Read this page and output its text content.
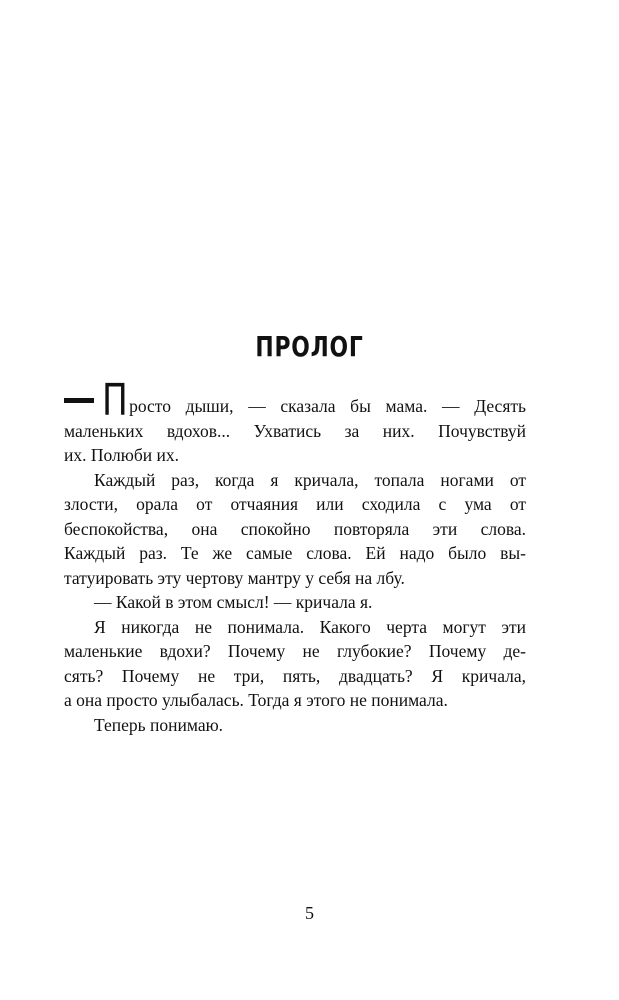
ПРОЛОГ
Просто дыши, — сказала бы мама. — Десять
маленьких вдохов... Ухватись за них. Почувствуй
их. Полюби их.
Каждый раз, когда я кричала, топала ногами от
злости, орала от отчаяния или сходила с ума от
беспокойства, она спокойно повторяла эти слова.
Каждый раз. Те же самые слова. Ей надо было вы-
татуировать эту чертову мантру у себя на лбу.
— Какой в этом смысл! — кричала я.
Я никогда не понимала. Какого черта могут эти
маленькие вдохи? Почему не глубокие? Почему де-
сять? Почему не три, пять, двадцать? Я кричала,
а она просто улыбалась. Тогда я этого не понимала.
Теперь понимаю.
5
